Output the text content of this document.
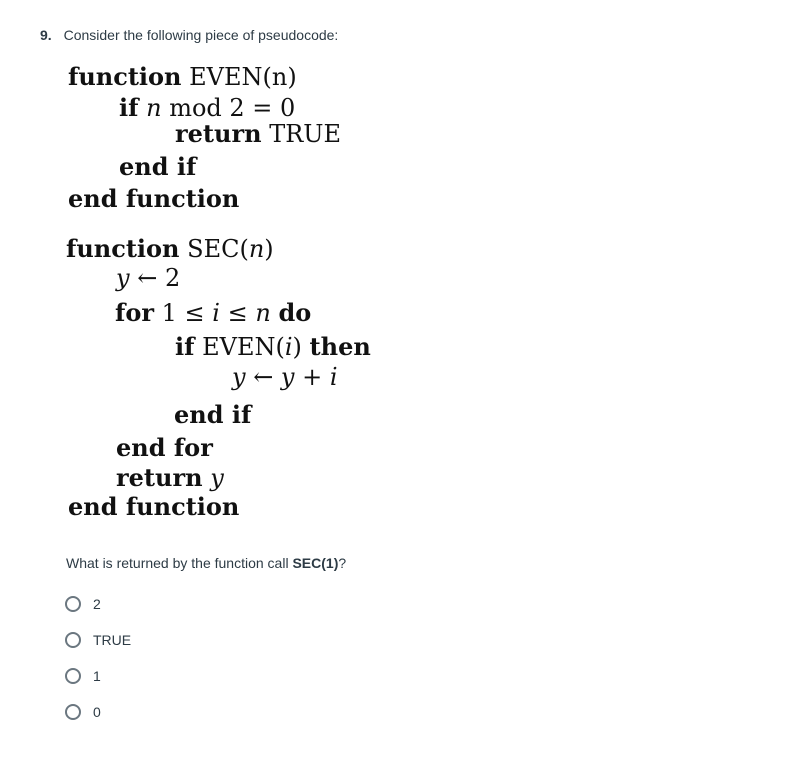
9. Consider the following piece of pseudocode:
function EVEN(n)
if n mod 2 = 0
return TRUE
end if
end function
function SEC(n)
y ← 2
for 1 ≤ i ≤ n do
if EVEN(i) then
y ← y + i
end if
end for
return y
end function
What is returned by the function call SEC(1)?
2
TRUE
1
0
